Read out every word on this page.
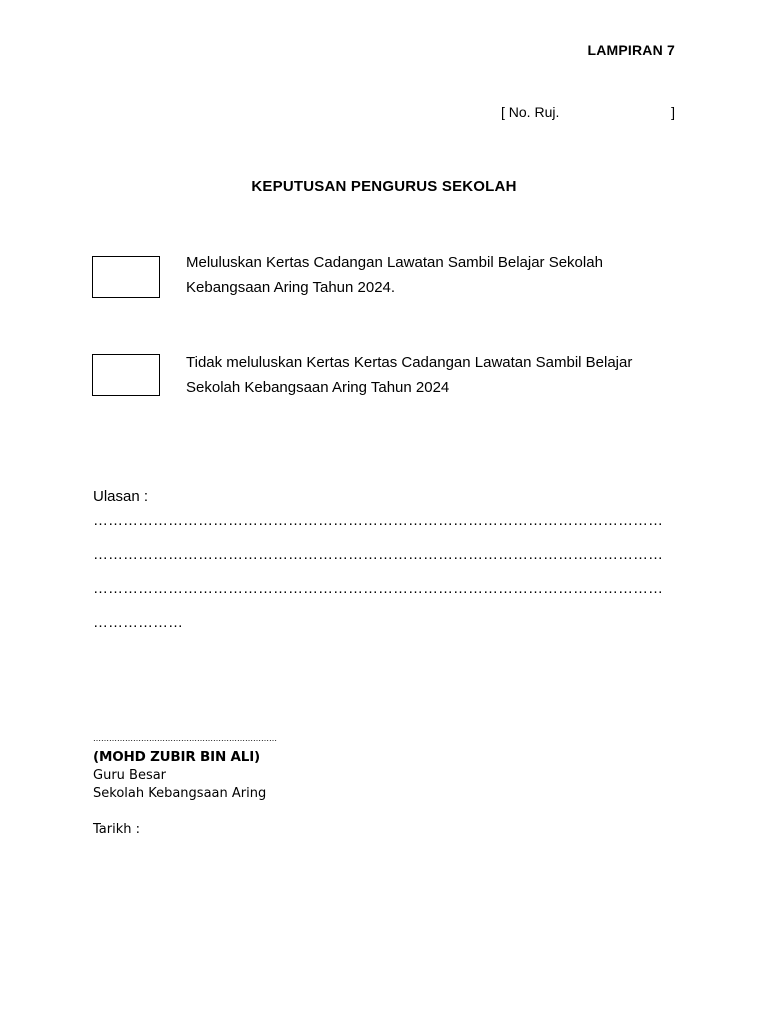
LAMPIRAN 7
[ No. Ruj.	]
KEPUTUSAN PENGURUS SEKOLAH
Meluluskan Kertas Cadangan Lawatan Sambil Belajar Sekolah
Kebangsaan Aring Tahun 2024.
Tidak meluluskan Kertas Kertas Cadangan Lawatan Sambil Belajar
Sekolah Kebangsaan Aring Tahun 2024
Ulasan :
……………………………………………………………………………………………………
……………………………………………………………………………………………………
……………………………………………………………………………………………………
………………
……………………………………………………………
(MOHD ZUBIR BIN ALI)
Guru Besar
Sekolah Kebangsaan Aring
Tarikh :
